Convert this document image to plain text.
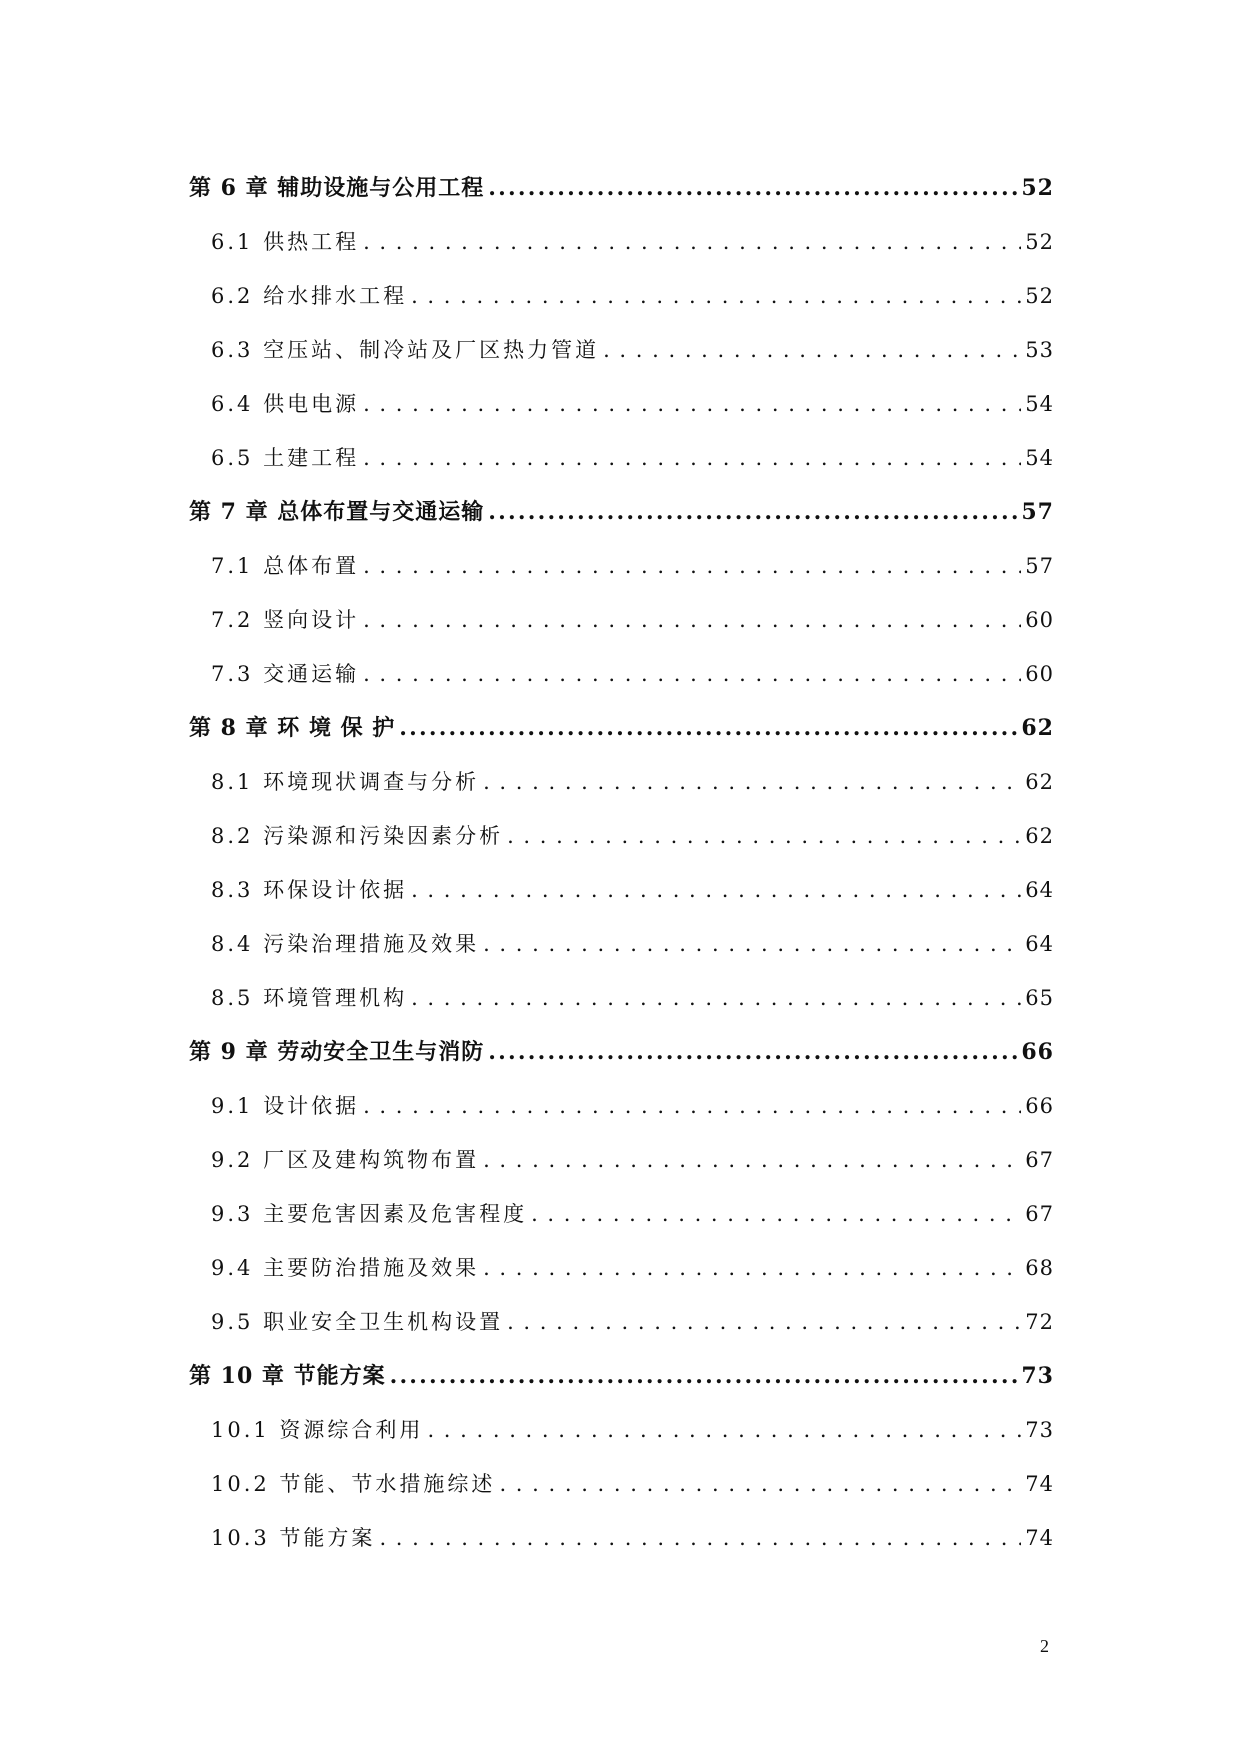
第 6 章 辅助设施与公用工程 .....	52
6.1 供热工程 . . .	52
6.2 给水排水工程 . . .	52
6.3 空压站、制冷站及厂区热力管道 . . .	53
6.4 供电电源 . . .	54
6.5 土建工程 . . .	54
第 7 章 总体布置与交通运输 .....	57
7.1 总体布置 . . .	57
7.2 竖向设计 . . .	60
7.3 交通运输 . . .	60
第 8 章 环 境 保 护 .....	62
8.1 环境现状调查与分析 . . .	62
8.2 污染源和污染因素分析 . . .	62
8.3 环保设计依据 . . .	64
8.4 污染治理措施及效果 . . .	64
8.5 环境管理机构 . . .	65
第 9 章 劳动安全卫生与消防 .....	66
9.1 设计依据 . . .	66
9.2 厂区及建构筑物布置 . . .	67
9.3 主要危害因素及危害程度 . . .	67
9.4 主要防治措施及效果 . . .	68
9.5 职业安全卫生机构设置 . . .	72
第 10 章 节能方案 .....	73
10.1 资源综合利用 . . .	73
10.2 节能、节水措施综述 . . .	74
10.3 节能方案 . . .	74
2
